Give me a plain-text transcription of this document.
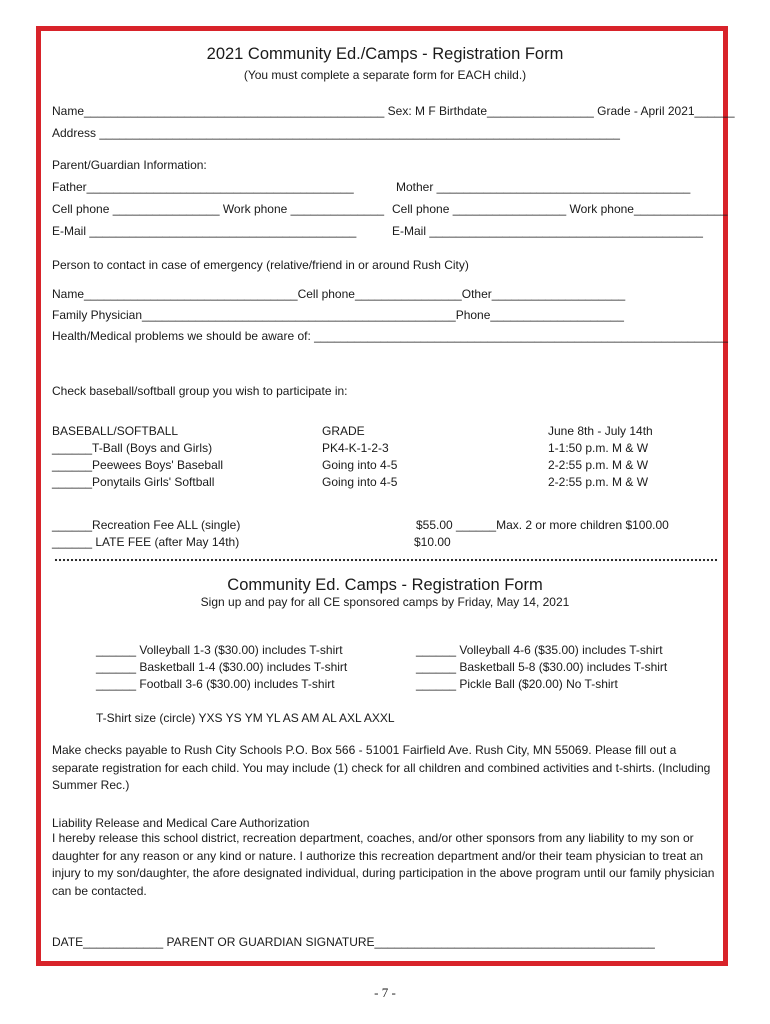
2021 Community Ed./Camps - Registration Form
(You must complete a separate form for EACH child.)
Name_____________________________________________ Sex: M F Birthdate________________ Grade - April 2021______
Address ______________________________________________________________________________
Parent/Guardian Information:
Father________________________________________	Mother ______________________________________
Cell phone ________________ Work phone ______________ Cell phone _________________ Work phone______________
E-Mail ________________________________________	E-Mail _________________________________________
Person to contact in case of emergency (relative/friend in or around Rush City)
Name________________________________Cell phone________________Other____________________
Family Physician_______________________________________________Phone____________________
Health/Medical problems we should be aware of: ______________________________________________________________
Check baseball/softball group you wish to participate in:
BASEBALL/SOFTBALL	GRADE	June 8th - July 14th
______T-Ball (Boys and Girls)	PK4-K-1-2-3	1-1:50 p.m. M & W
______Peewees Boys' Baseball	Going into 4-5	2-2:55 p.m. M & W
______Ponytails Girls' Softball	Going into 4-5	2-2:55 p.m. M & W
______Recreation Fee ALL (single)	$55.00 ______Max. 2 or more children $100.00
______ LATE FEE (after May 14th)	$10.00
Community Ed. Camps - Registration Form
Sign up and pay for all CE sponsored camps by Friday, May 14, 2021
______ Volleyball 1-3 ($30.00) includes T-shirt
______ Basketball 1-4 ($30.00) includes T-shirt
______ Football 3-6 ($30.00) includes T-shirt
______ Volleyball 4-6 ($35.00) includes T-shirt
______ Basketball 5-8 ($30.00) includes T-shirt
______ Pickle Ball ($20.00) No T-shirt
T-Shirt size (circle) YXS YS YM YL AS AM AL AXL AXXL
Make checks payable to Rush City Schools P.O. Box 566 - 51001 Fairfield Ave. Rush City, MN 55069. Please fill out a separate registration for each child. You may include (1) check for all children and combined activities and t-shirts. (Including Summer Rec.)
Liability Release and Medical Care Authorization
I hereby release this school district, recreation department, coaches, and/or other sponsors from any liability to my son or daughter for any reason or any kind or nature. I authorize this recreation department and/or their team physician to treat an injury to my son/daughter, the afore designated individual, during participation in the above program until our family physician can be contacted.
DATE____________ PARENT OR GUARDIAN SIGNATURE__________________________________________
- 7 -
